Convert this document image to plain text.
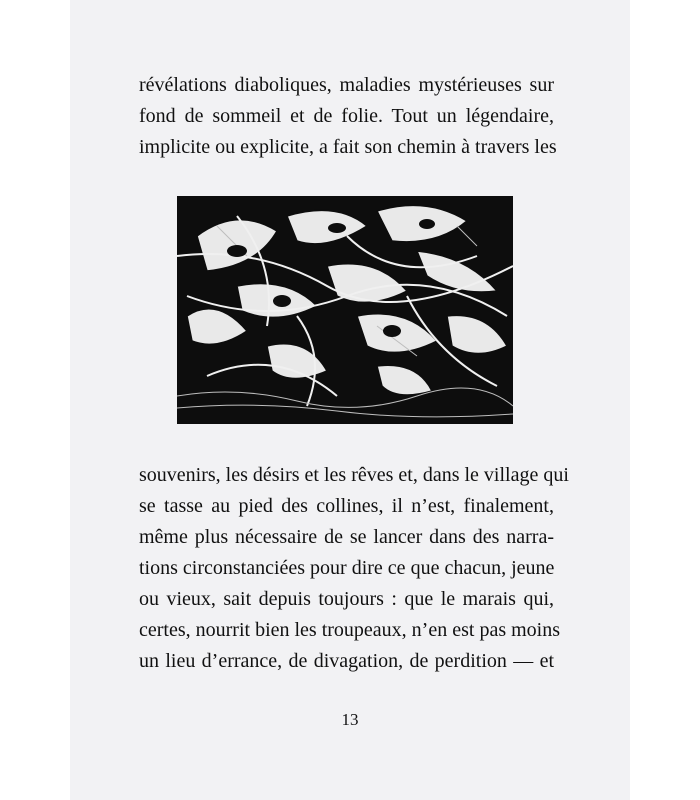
révélations diaboliques, maladies mystérieuses sur
fond de sommeil et de folie. Tout un légendaire,
implicite ou explicite, a fait son chemin à travers les
souvenirs, les désirs et les rêves et, dans le village qui
se tasse au pied des collines, il n’est, finalement,
même plus nécessaire de se lancer dans des narra-
tions circonstanciées pour dire ce que chacun, jeune
ou vieux, sait depuis toujours : que le marais qui,
certes, nourrit bien les troupeaux, n’en est pas moins
un lieu d’errance, de divagation, de perdition — et
13
